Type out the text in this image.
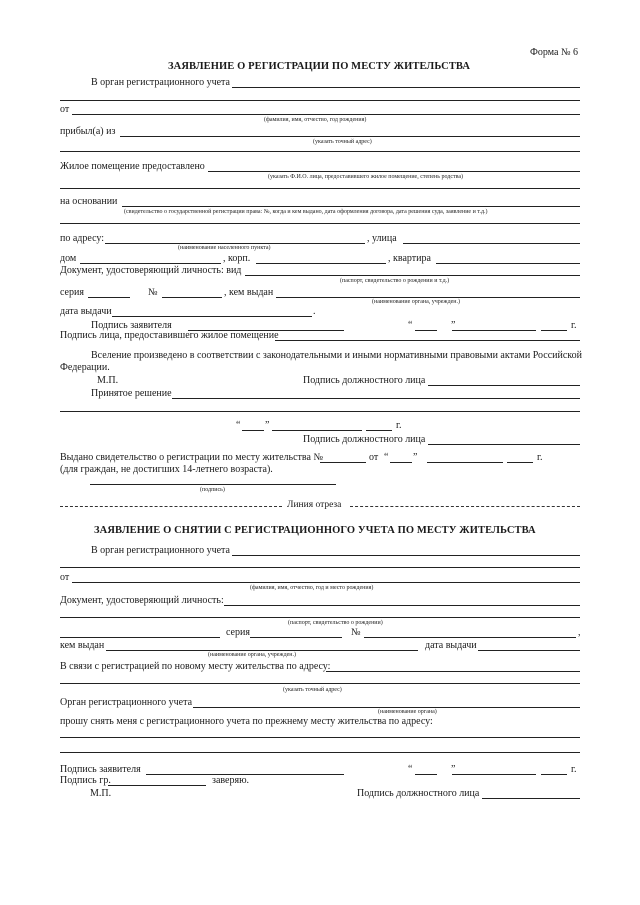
Форма № 6
ЗАЯВЛЕНИЕ О РЕГИСТРАЦИИ ПО МЕСТУ ЖИТЕЛЬСТВА
В орган регистрационного учета
от
(фамилия, имя, отчество, год рождения)
прибыл(а) из
(указать точный адрес)
Жилое помещение предоставлено
(указать Ф.И.О. лица, предоставившего жилое помещение, степень родства)
на основании
(свидетельство о государственной регистрации права: №, когда и кем выдано, дата оформления договора, дата решения суда, заявление и т.д.)
по адресу:	, улица
(наименование населенного пункта)
дом	, корп.	, квартира
Документ, удостоверяющий личность: вид
(паспорт, свидетельство о рождении и т.д.)
серия	№	, кем выдан
(наименование органа, учрежден.)
дата выдачи	.
Подпись заявителя	“	”	г.
Подпись лица, предоставившего жилое помещение
Вселение произведено в соответствии с законодательными и иными нормативными правовыми актами Российской
Федерации.
М.П.	Подпись должностного лица
Принятое решение
“ ”	г.
Подпись должностного лица
Выдано свидетельство о регистрации по месту жительства №	от “ ”	г.
(для граждан, не достигших 14-летнего возраста).
(подпись)
Линия отреза
ЗАЯВЛЕНИЕ О СНЯТИИ С РЕГИСТРАЦИОННОГО УЧЕТА ПО МЕСТУ ЖИТЕЛЬСТВА
В орган регистрационного учета
от
(фамилия, имя, отчество, год и место рождения)
Документ, удостоверяющий личность:
(паспорт, свидетельство о рождении)
серия	№	,
кем выдан	дата выдачи
(наименование органа, учрежден.)
В связи с регистрацией по новому месту жительства по адресу:
(указать точный адрес)
Орган регистрационного учета
(наименование органа)
прошу снять меня с регистрационного учета по прежнему месту жительства по адресу:
Подпись заявителя	“	”	г.
Подпись гр.	заверяю.
М.П.	Подпись должностного лица
